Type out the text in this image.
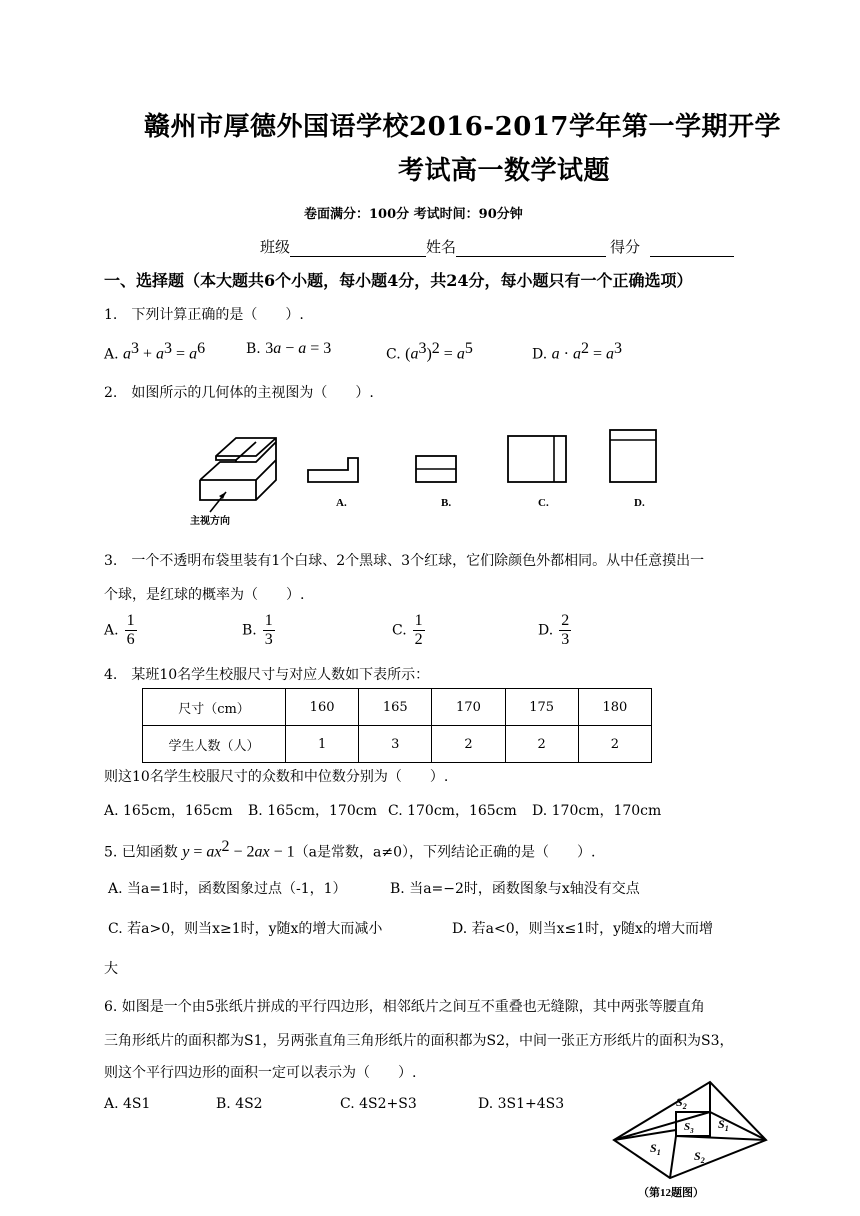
赣州市厚德外国语学校2016-2017学年第一学期开学
考试高一数学试题
卷面满分：100分 考试时间：90分钟
班级	姓名	得分
一、选择题（本大题共6个小题，每小题4分，共24分，每小题只有一个正确选项）
1.　下列计算正确的是（　　）.
A. $a^3 + a^3 = a^6$	B. 3a − a = 3	C. $(a^3)^2 = a^5$	D. $a \cdot a^2 = a^3$
2.　如图所示的几何体的主视图为（　　）.
主视方向
A.	B.	C.	D.
3.　一个不透明布袋里装有1个白球、2个黑球、3个红球，它们除颜色外都相同。从中任意摸出一
个球，是红球的概率为（　　）.
A. $\frac{1}{6}$	B. $\frac{1}{3}$	C. $\frac{1}{2}$	D. $\frac{2}{3}$
4.　某班10名学生校服尺寸与对应人数如下表所示：
尺寸（cm）	160	165	170	175	180
学生人数（人）	1	3	2	2	2
则这10名学生校服尺寸的众数和中位数分别为（　　）.
A. 165cm，165cm B. 165cm，170cm C. 170cm，165cm D. 170cm，170cm
5. 已知函数 $y = ax^2 - 2ax - 1(a$是常数，a≠0），下列结论正确的是（　　）.
A. 当a=1时，函数图象过点（-1，1）	B. 当a=−2时，函数图象与x轴没有交点
C. 若a>0，则当x≥1时，y随x的增大而减小	D. 若a<0，则当x≤1时，y随x的增大而增
大
6. 如图是一个由5张纸片拼成的平行四边形，相邻纸片之间互不重叠也无缝隙，其中两张等腰直角
三角形纸片的面积都为S1，另两张直角三角形纸片的面积都为S2，中间一张正方形纸片的面积为S3，
则这个平行四边形的面积一定可以表示为（　　）.
A. 4S1	B. 4S2	C. 4S2+S3	D. 3S1+4S3	$S_2$
$S_1$
$S_1$
$S_3$
$S_2$
（第12题图）
